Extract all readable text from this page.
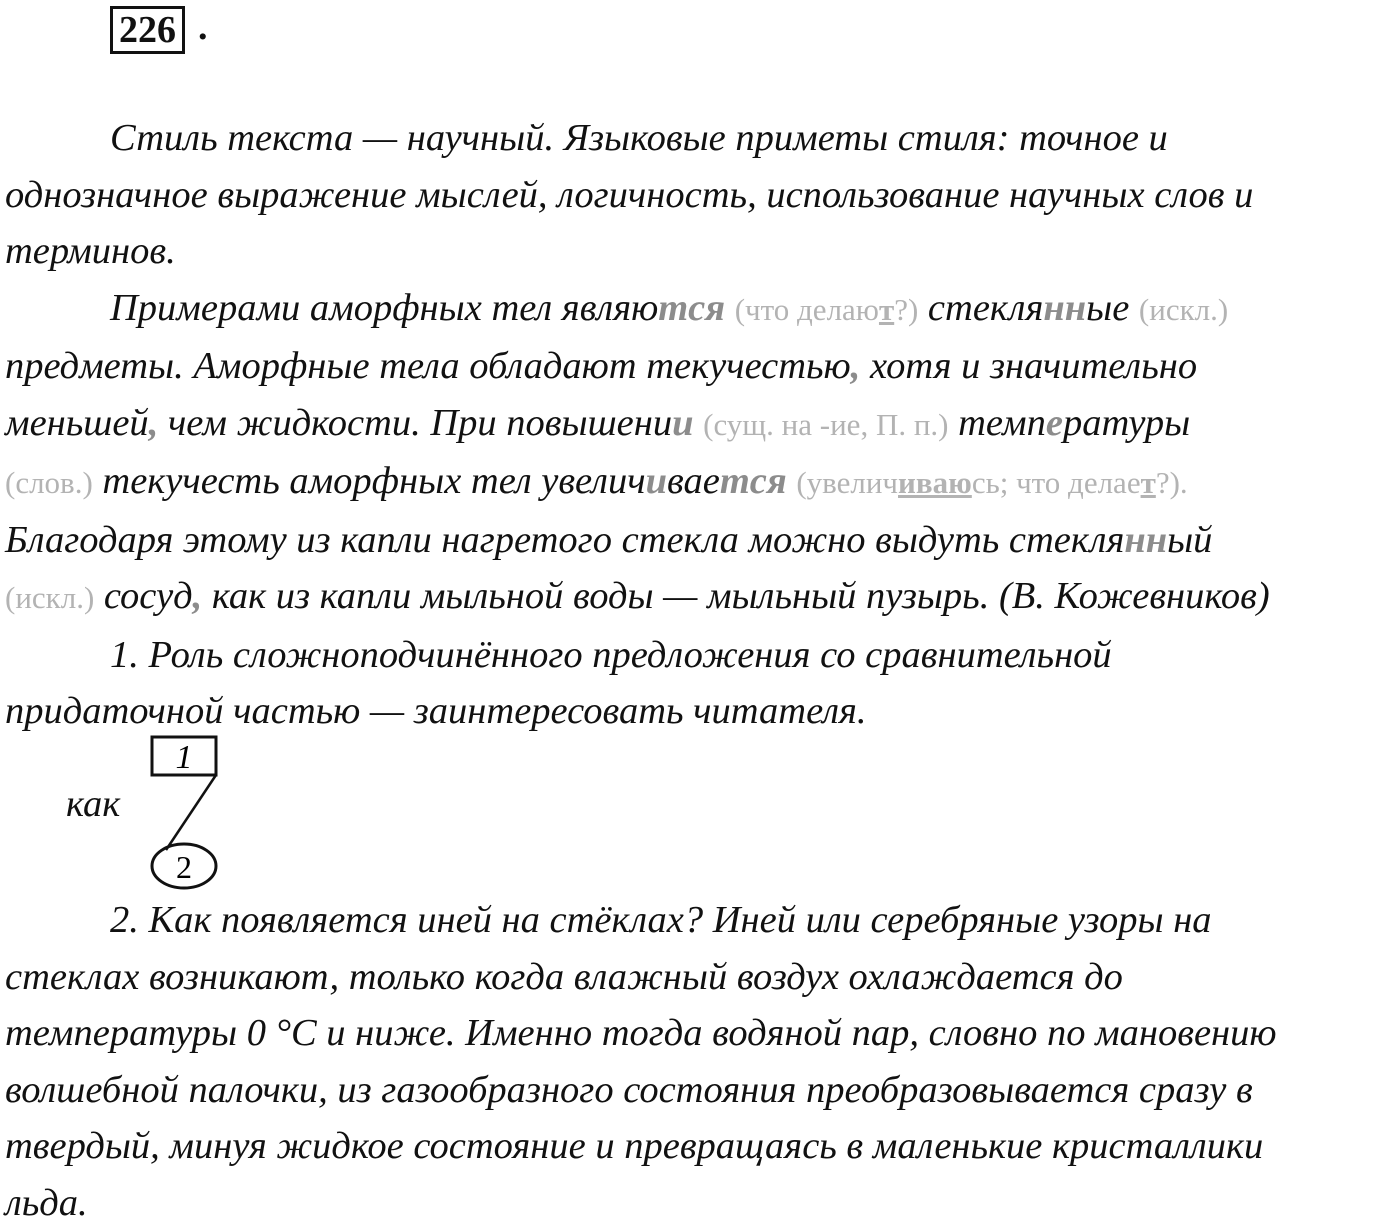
226 .

Стиль текста — научный. Языковые приметы стиля: точное и
однозначное выражение мыслей, логичность, использование научных слов и
терминов.

Примерами аморфных тел являются (что делают?) стеклянные (искл.)
предметы. Аморфные тела обладают текучестью, хотя и значительно
меньшей, чем жидкости. При повышении (сущ. на -ие, П. п.) температуры
(слов.) текучесть аморфных тел увеличивается (увеличиваюсь; что делает?).
Благодаря этому из капли нагретого стекла можно выдуть стеклянный
(искл.) сосуд, как из капли мыльной воды — мыльный пузырь. (В. Кожевников)

1. Роль сложноподчинённого предложения со сравнительной
придаточной частью — заинтересовать читателя.

1
2
как

2. Как появляется иней на стёклах? Иней или серебряные узоры на
стеклах возникают, только когда влажный воздух охлаждается до
температуры 0 °С и ниже. Именно тогда водяной пар, словно по мановению
волшебной палочки, из газообразного состояния преобразовывается сразу в
твердый, минуя жидкое состояние и превращаясь в маленькие кристаллики
льда.
